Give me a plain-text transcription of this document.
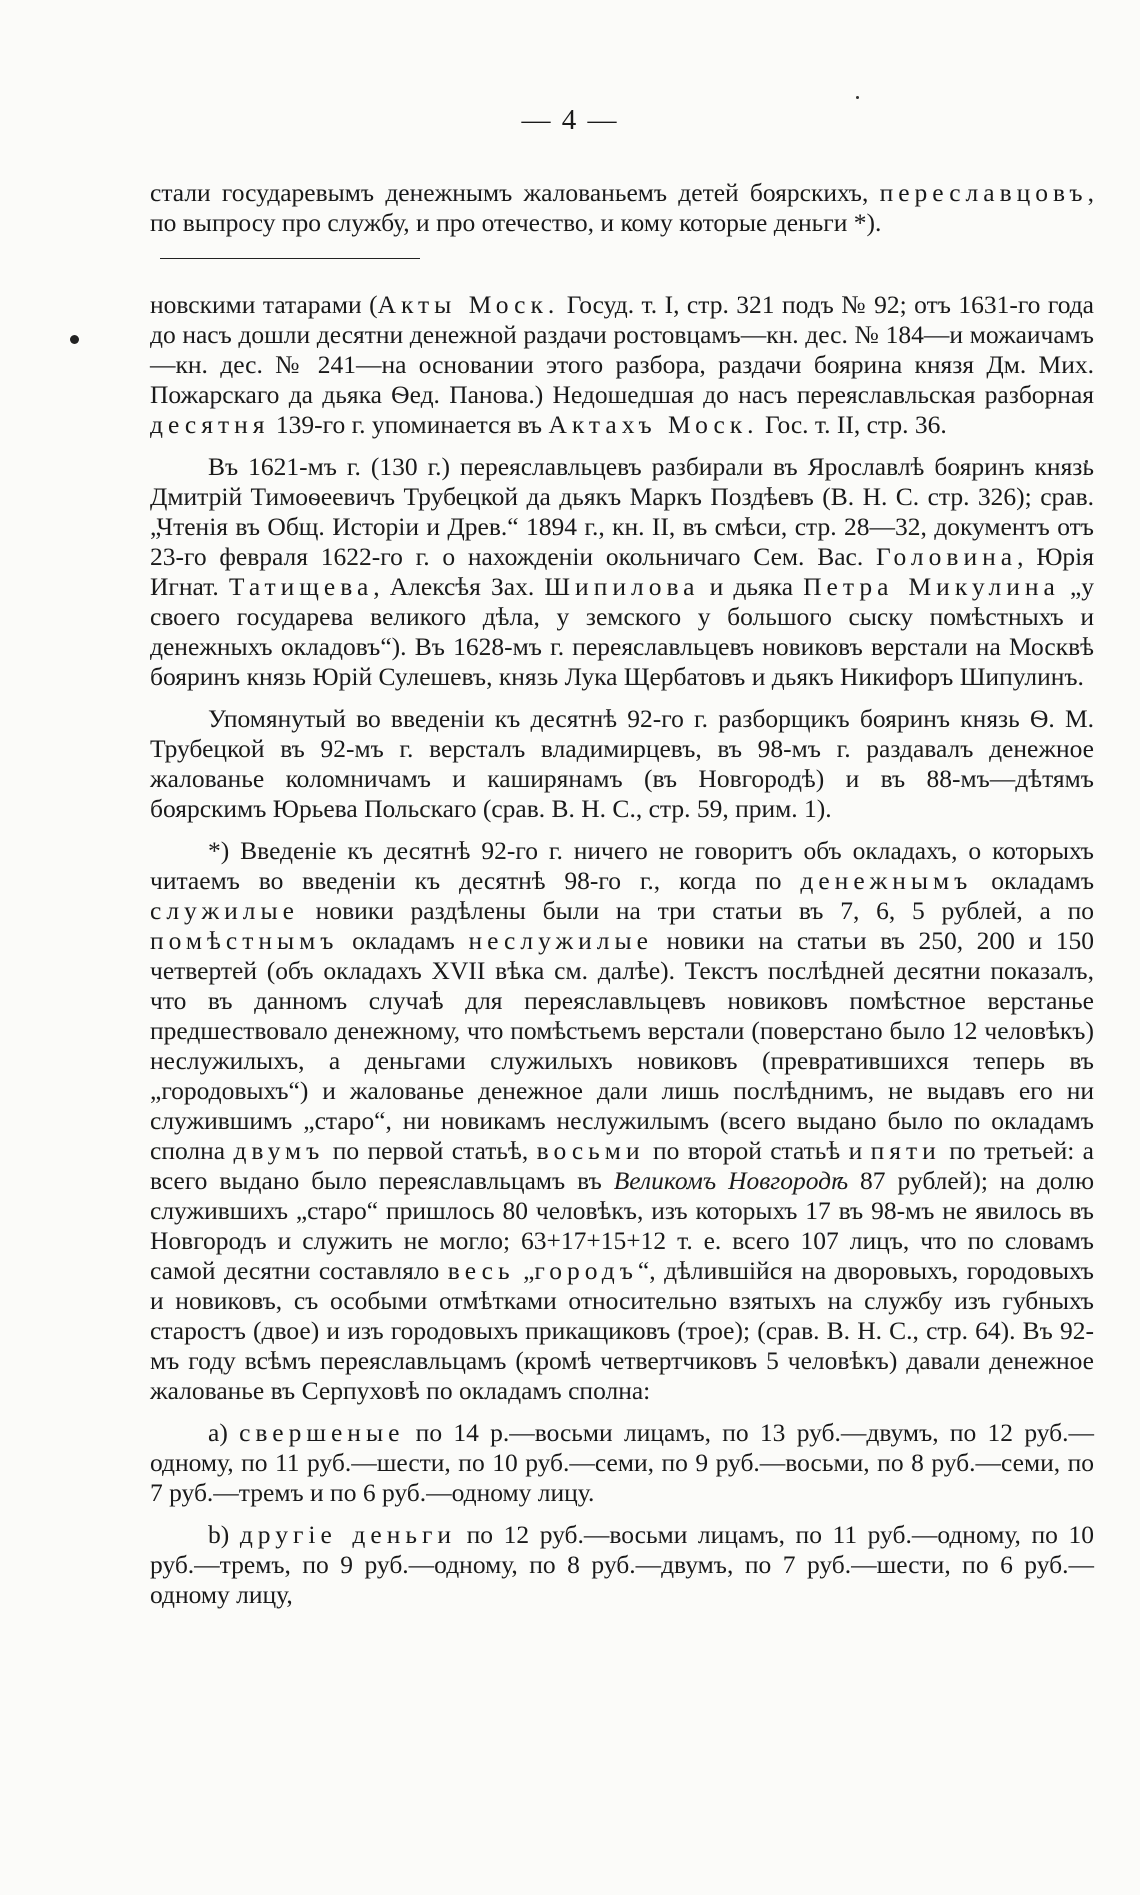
— 4 —

стали государевымъ денежнымъ жалованьемъ детей боярскихъ, переславцовъ, по выпросу про службу, и про отечество, и кому которые деньги *).

новскими татарами (Акты Моск. Госуд. т. I, стр. 321 подъ № 92; отъ 1631-го года до насъ дошли десятни денежной раздачи ростовцамъ—кн. дес. № 184—и можаичамъ—кн. дес. № 241—на основании этого разбора, раздачи боярина князя Дм. Мих. Пожарскаго да дьяка Ѳед. Панова.) Недошедшая до насъ переяславльская разборная десятня 139-го г. упоминается въ Актахъ Моск. Гос. т. II, стр. 36.

Въ 1621-мъ г. (130 г.) переяславльцевъ разбирали въ Ярославлѣ бояринъ князь Дмитрій Тимоѳеевичъ Трубецкой да дьякъ Маркъ Поздѣевъ (В. Н. С. стр. 326); срав. „Чтенія въ Общ. Исторіи и Древ.“ 1894 г., кн. II, въ смѣси, стр. 28—32, документъ отъ 23-го февраля 1622-го г. о нахожденіи окольничаго Сем. Вас. Головина, Юрія Игнат. Татищева, Алексѣя Зах. Шипилова и дьяка Петра Микулина „у своего государева великого дѣла, у земского у большого сыску помѣстныхъ и денежныхъ окладовъ“). Въ 1628-мъ г. переяславльцевъ новиковъ верстали на Москвѣ бояринъ князь Юрій Сулешевъ, князь Лука Щербатовъ и дьякъ Никифоръ Шипулинъ.

Упомянутый во введеніи къ десятнѣ 92-го г. разборщикъ бояринъ князь Ѳ. М. Трубецкой въ 92-мъ г. версталъ владимирцевъ, въ 98-мъ г. раздавалъ денежное жалованье коломничамъ и каширянамъ (въ Новгородѣ) и въ 88-мъ—дѣтямъ боярскимъ Юрьева Польскаго (срав. В. Н. С., стр. 59, прим. 1).

*) Введеніе къ десятнѣ 92-го г. ничего не говоритъ объ окладахъ, о которыхъ читаемъ во введеніи къ десятнѣ 98-го г., когда по денежнымъ окладамъ служилые новики раздѣлены были на три статьи въ 7, 6, 5 рублей, а по помѣстнымъ окладамъ неслужилые новики на статьи въ 250, 200 и 150 четвертей (объ окладахъ XVII вѣка см. далѣе). Текстъ послѣдней десятни показалъ, что въ данномъ случаѣ для переяславльцевъ новиковъ помѣстное верстанье предшествовало денежному, что помѣстьемъ верстали (поверстано было 12 человѣкъ) неслужилыхъ, а деньгами служилыхъ новиковъ (превратившихся теперь въ „городовыхъ“) и жалованье денежное дали лишь послѣднимъ, не выдавъ его ни служившимъ „старо“, ни новикамъ неслужилымъ (всего выдано было по окладамъ сполна двумъ по первой статьѣ, восьми по второй статьѣ и пяти по третьей: а всего выдано было переяславльцамъ въ Великомъ Новгородѣ 87 рублей); на долю служившихъ „старо“ пришлось 80 человѣкъ, изъ которыхъ 17 въ 98-мъ не явилось въ Новгородъ и служить не могло; 63+17+15+12 т. е. всего 107 лицъ, что по словамъ самой десятни составляло весь „городъ“, дѣлившійся на дворовыхъ, городовыхъ и новиковъ, съ особыми отмѣтками относительно взятыхъ на службу изъ губныхъ старостъ (двое) и изъ городовыхъ прикащиковъ (трое); (срав. В. Н. С., стр. 64). Въ 92-мъ году всѣмъ переяславльцамъ (кромѣ четвертчиковъ 5 человѣкъ) давали денежное жалованье въ Серпуховѣ по окладамъ сполна:

a) свершеные по 14 р.—восьми лицамъ, по 13 руб.—двумъ, по 12 руб.—одному, по 11 руб.—шести, по 10 руб.—семи, по 9 руб.—восьми, по 8 руб.—семи, по 7 руб.—тремъ и по 6 руб.—одному лицу.

b) другіе деньги по 12 руб.—восьми лицамъ, по 11 руб.—одному, по 10 руб.—тремъ, по 9 руб.—одному, по 8 руб.—двумъ, по 7 руб.—шести, по 6 руб.—одному лицу,
